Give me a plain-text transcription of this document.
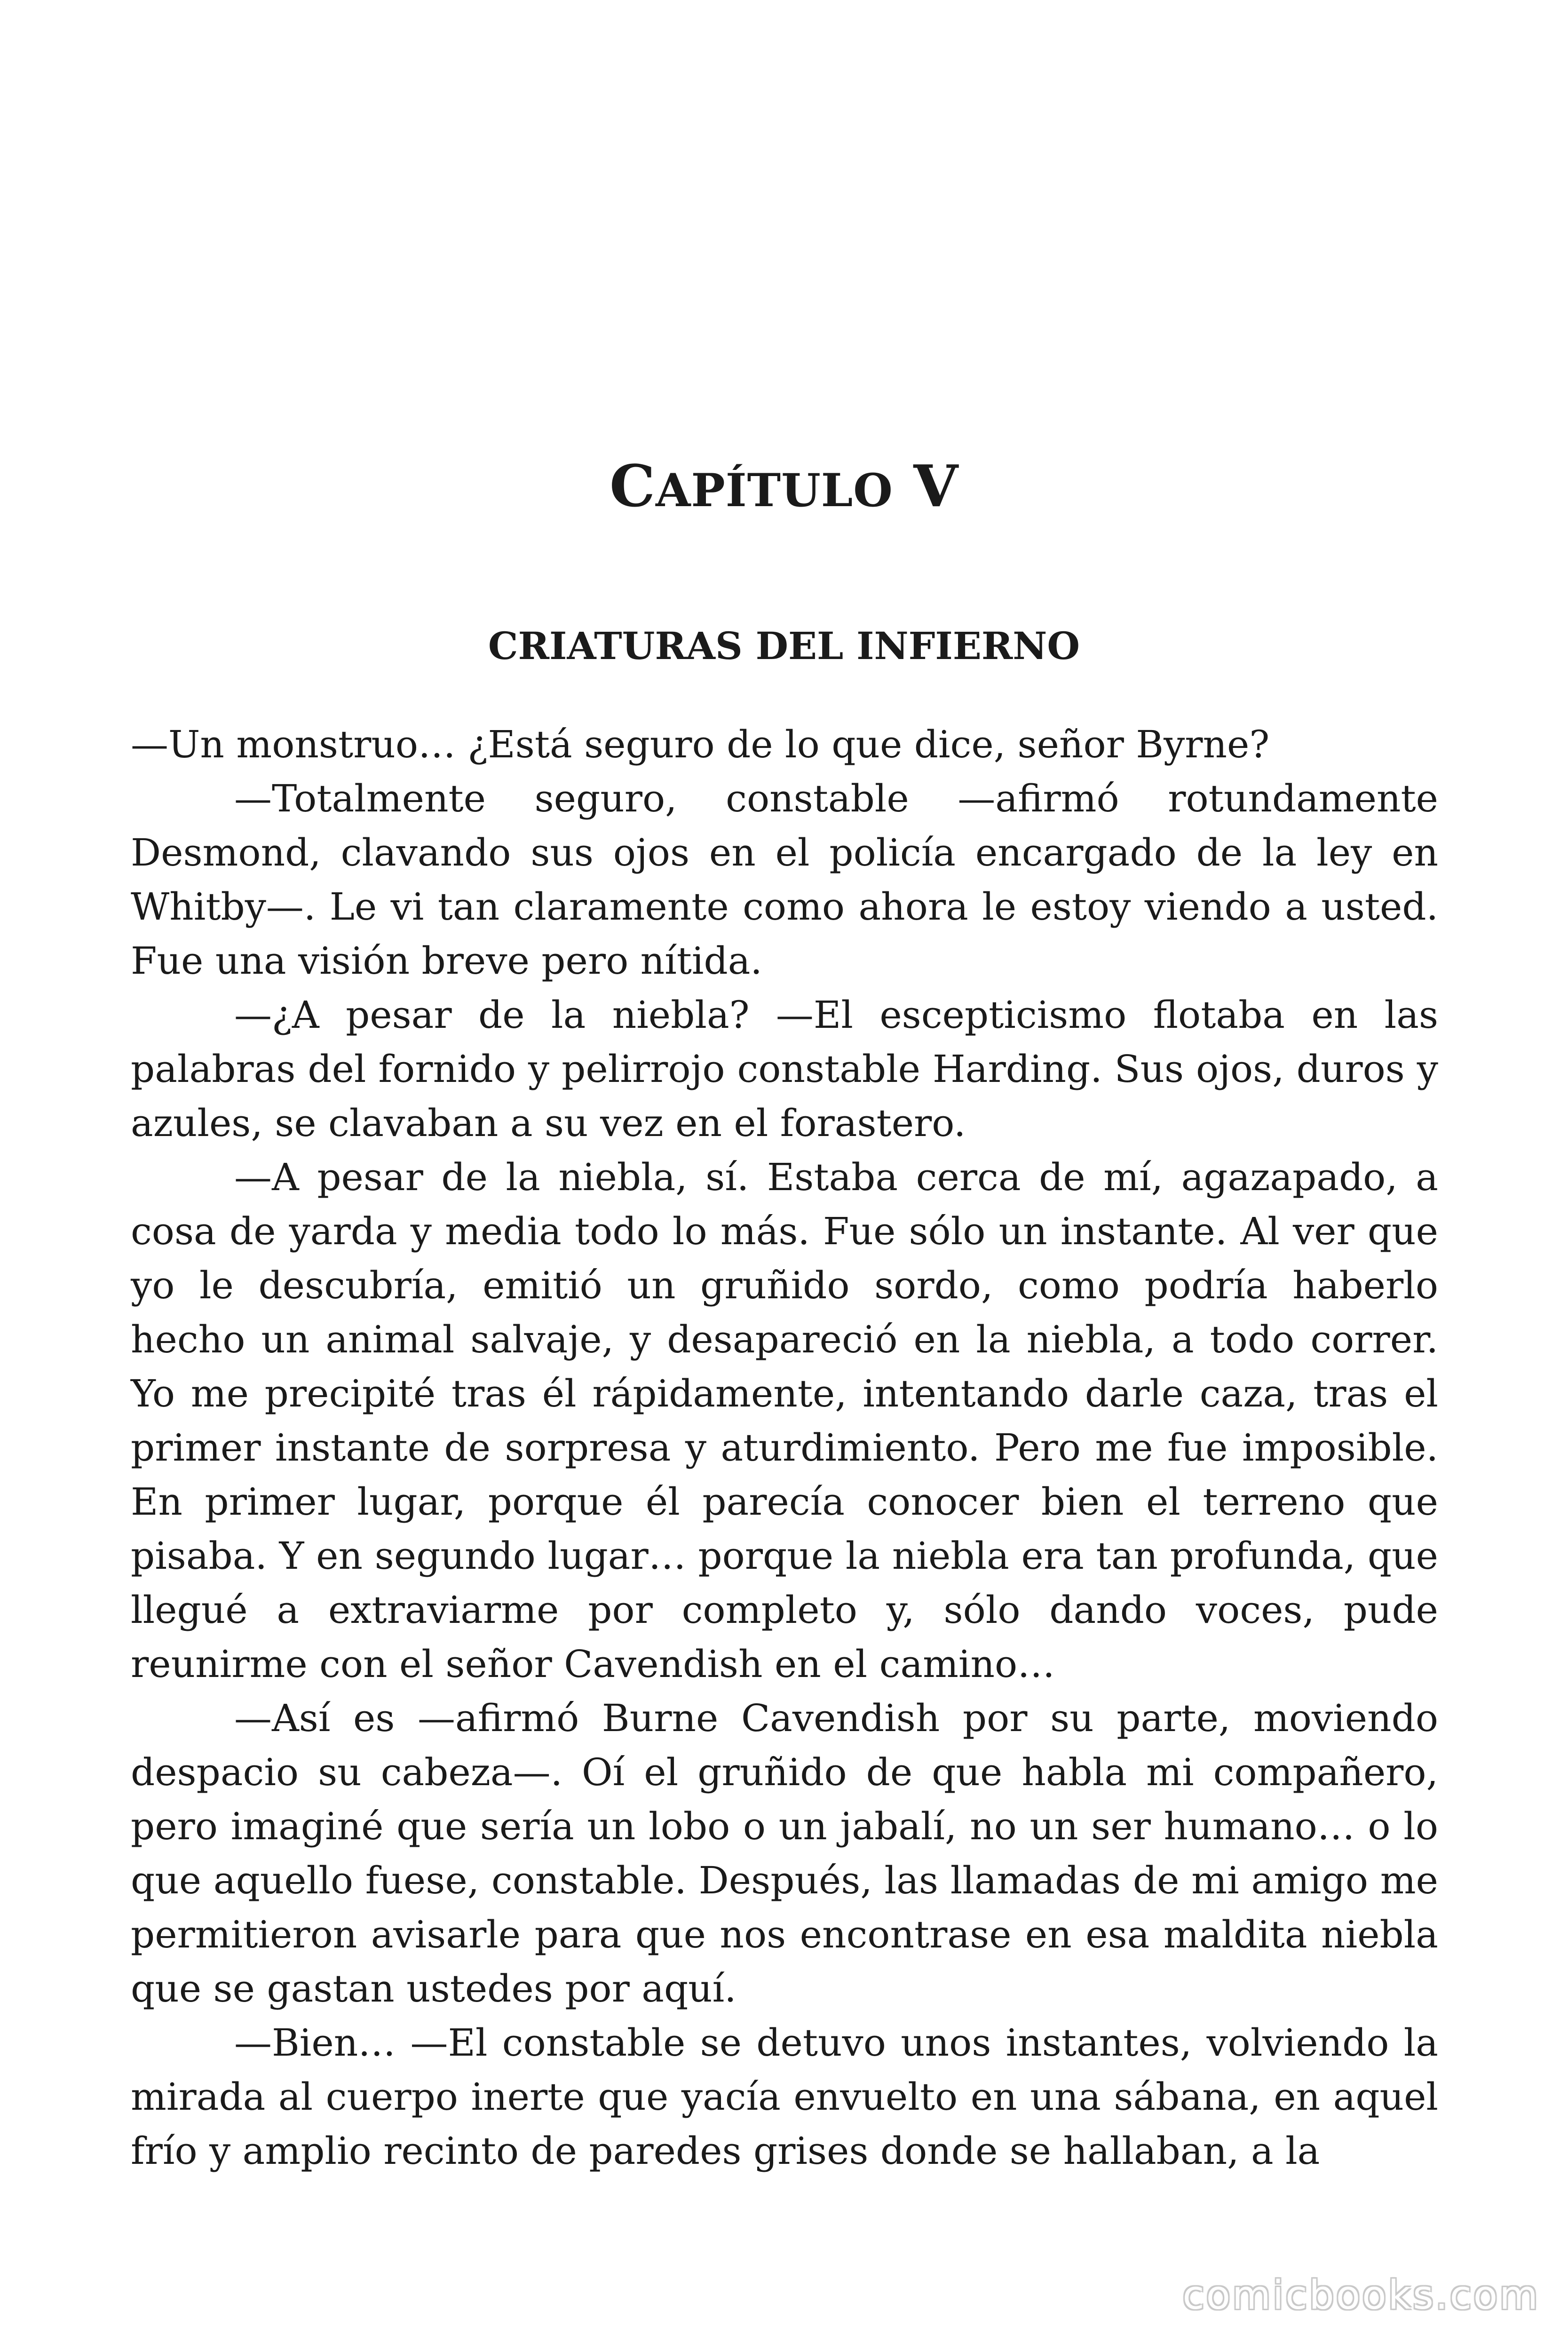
CAPÍTULO V
CRIATURAS DEL INFIERNO

—Un monstruo… ¿Está seguro de lo que dice, señor Byrne?

—Totalmente seguro, constable —afirmó rotundamente Desmond, clavando sus ojos en el policía encargado de la ley en Whitby—. Le vi tan claramente como ahora le estoy viendo a usted. Fue una visión breve pero nítida.

—¿A pesar de la niebla? —El escepticismo flotaba en las palabras del fornido y pelirrojo constable Harding. Sus ojos, duros y azules, se clavaban a su vez en el forastero.

—A pesar de la niebla, sí. Estaba cerca de mí, agazapado, a cosa de yarda y media todo lo más. Fue sólo un instante. Al ver que yo le descubría, emitió un gruñido sordo, como podría haberlo hecho un animal salvaje, y desapareció en la niebla, a todo correr. Yo me precipité tras él rápidamente, intentando darle caza, tras el primer instante de sorpresa y aturdimiento. Pero me fue imposible. En primer lugar, porque él parecía conocer bien el terreno que pisaba. Y en segundo lugar… porque la niebla era tan profunda, que llegué a extraviarme por completo y, sólo dando voces, pude reunirme con el señor Cavendish en el camino…

—Así es —afirmó Burne Cavendish por su parte, moviendo despacio su cabeza—. Oí el gruñido de que habla mi compañero, pero imaginé que sería un lobo o un jabalí, no un ser humano… o lo que aquello fuese, constable. Después, las llamadas de mi amigo me permitieron avisarle para que nos encontrase en esa maldita niebla que se gastan ustedes por aquí.

—Bien… —El constable se detuvo unos instantes, volviendo la mirada al cuerpo inerte que yacía envuelto en una sábana, en aquel frío y amplio recinto de paredes grises donde se hallaban, a la

comicbooks.com
